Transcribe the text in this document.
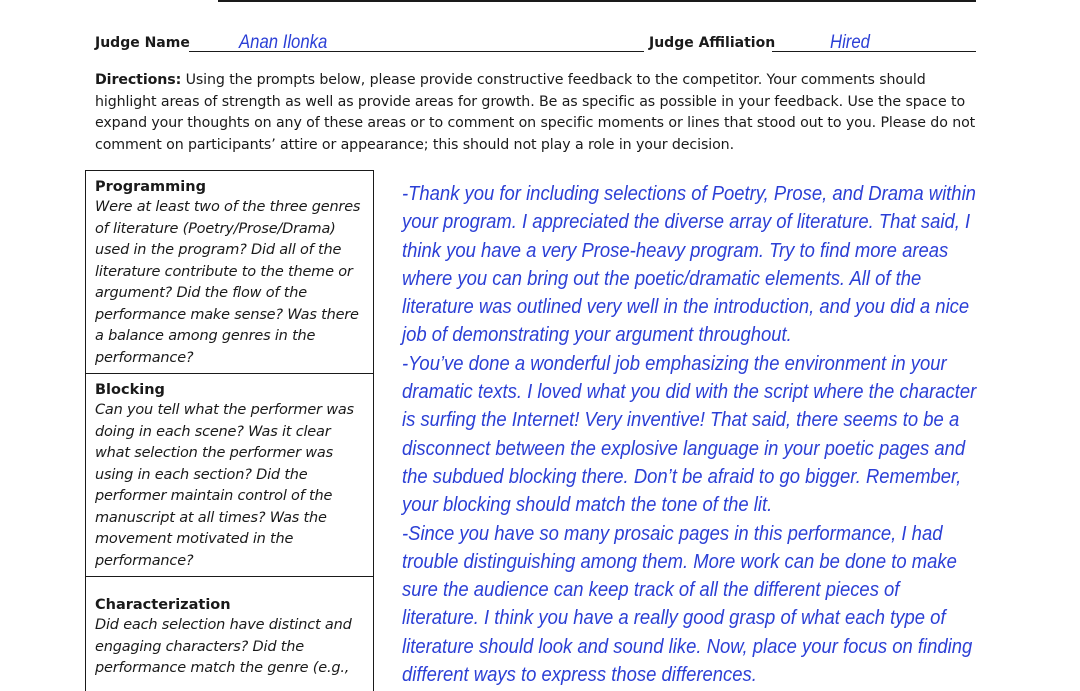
Judge Name	Anan Ilonka	Judge Affiliation	Hired
Directions: Using the prompts below, please provide constructive feedback to the competitor. Your comments should highlight areas of strength as well as provide areas for growth. Be as specific as possible in your feedback. Use the space to expand your thoughts on any of these areas or to comment on specific moments or lines that stood out to you. Please do not comment on participants’ attire or appearance; this should not play a role in your decision.
Programming
Were at least two of the three genres of literature (Poetry/Prose/Drama) used in the program? Did all of the literature contribute to the theme or argument? Did the flow of the performance make sense? Was there a balance among genres in the performance?
Blocking
Can you tell what the performer was doing in each scene? Was it clear what selection the performer was using in each section? Did the performer maintain control of the manuscript at all times? Was the movement motivated in the performance?
Characterization
Did each selection have distinct and engaging characters? Did the performance match the genre (e.g.,
-Thank you for including selections of Poetry, Prose, and Drama within
your program. I appreciated the diverse array of literature. That said, I
think you have a very Prose-heavy program. Try to find more areas
where you can bring out the poetic/dramatic elements. All of the
literature was outlined very well in the introduction, and you did a nice
job of demonstrating your argument throughout.
-You’ve done a wonderful job emphasizing the environment in your
dramatic texts. I loved what you did with the script where the character
is surfing the Internet! Very inventive! That said, there seems to be a
disconnect between the explosive language in your poetic pages and
the subdued blocking there. Don’t be afraid to go bigger. Remember,
your blocking should match the tone of the lit.
-Since you have so many prosaic pages in this performance, I had
trouble distinguishing among them. More work can be done to make
sure the audience can keep track of all the different pieces of
literature. I think you have a really good grasp of what each type of
literature should look and sound like. Now, place your focus on finding
different ways to express those differences.
